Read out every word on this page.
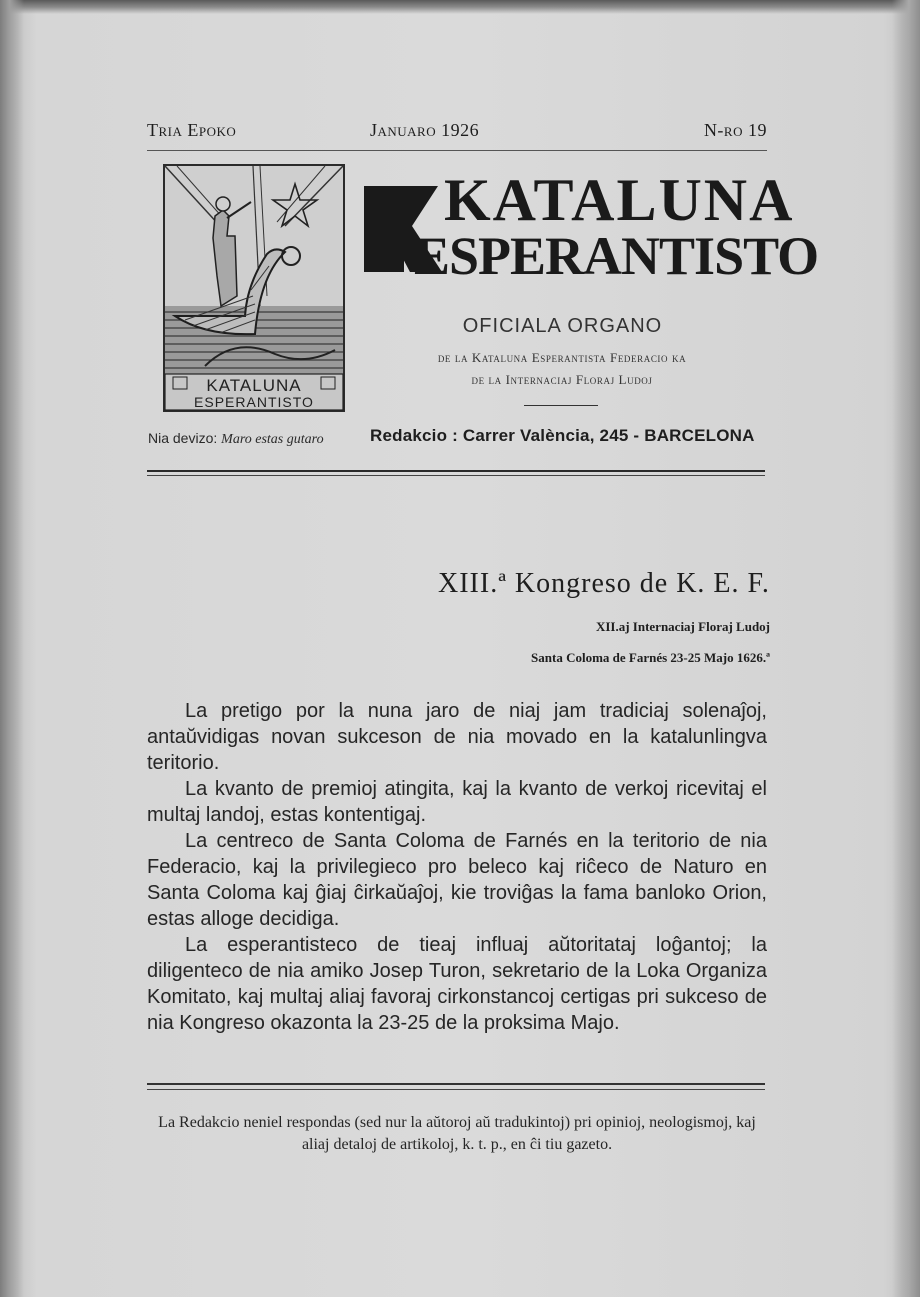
Tria Epoko	Januaro 1926	N-ro 19
KATALUNA
ESPERANTISTO
KATALUNA
ESPERANTISTO
OFICIALA ORGANO
de la Kataluna Esperantista Federacio ka
de la Internaciaj Floraj Ludoj
Nia devizo: Maro estas gutaro	Redakcio : Carrer València, 245 - BARCELONA
XIII.ª Kongreso de K. E. F.
XII.aj Internaciaj Floraj Ludoj
Santa Coloma de Farnés 23-25 Majo 1626.ª

La pretigo por la nuna jaro de niaj jam tradiciaj solenaĵoj, antaŭvidigas novan sukceson de nia movado en la katalunlingva teritorio.

La kvanto de premioj atingita, kaj la kvanto de verkoj ricevitaj el multaj landoj, estas kontentigaj.

La centreco de Santa Coloma de Farnés en la teritorio de nia Federacio, kaj la privilegieco pro beleco kaj riĉeco de Naturo en Santa Coloma kaj ĝiaj ĉirkaŭaĵoj, kie troviĝas la fama banloko Orion, estas alloge decidiga.

La esperantisteco de tieaj influaj aŭtoritataj loĝantoj; la diligenteco de nia amiko Josep Turon, sekretario de la Loka Organiza Komitato, kaj multaj aliaj favoraj cirkonstancoj certigas pri sukceso de nia Kongreso okazonta la 23-25 de la proksima Majo.

La Redakcio neniel respondas (sed nur la aŭtoroj aŭ tradukintoj) pri opinioj, neologismoj, kaj aliaj detaloj de artikoloj, k. t. p., en ĉi tiu gazeto.
